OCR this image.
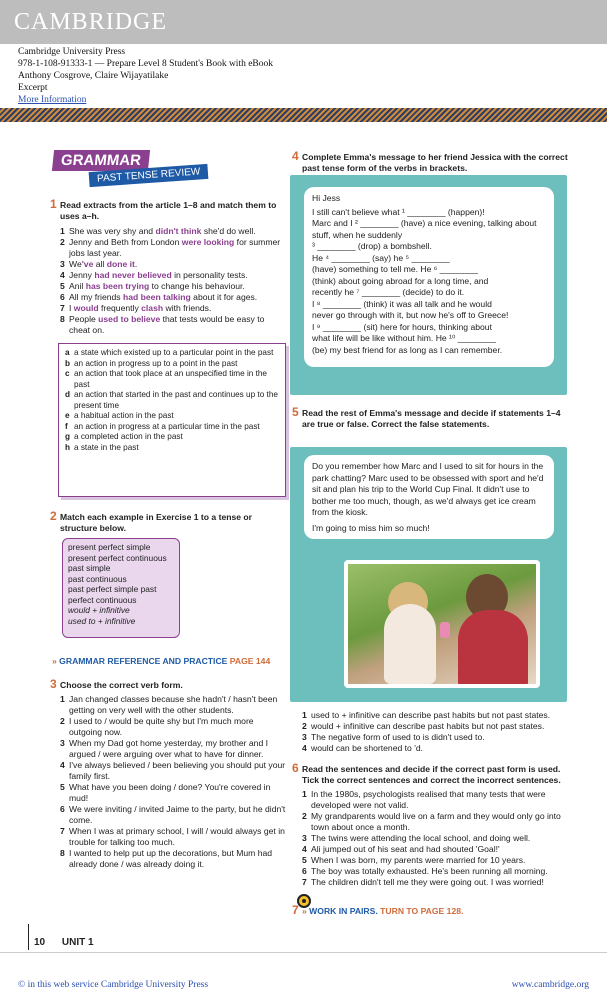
CAMBRIDGE
Cambridge University Press
978-1-108-91333-1 — Prepare Level 8 Student's Book with eBook
Anthony Cosgrove, Claire Wijayatilake
Excerpt
More Information
GRAMMAR
PAST TENSE REVIEW
1 Read extracts from the article 1–8 and match them to uses a–h.
1 She was very shy and didn't think she'd do well.
2 Jenny and Beth from London were looking for summer jobs last year.
3 We've all done it.
4 Jenny had never believed in personality tests.
5 Anil has been trying to change his behaviour.
6 All my friends had been talking about it for ages.
7 I would frequently clash with friends.
8 People used to believe that tests would be easy to cheat on.
a a state which existed up to a particular point in the past
b an action in progress up to a point in the past
c an action that took place at an unspecified time in the past
d an action that started in the past and continues up to the present time
e a habitual action in the past
f an action in progress at a particular time in the past
g a completed action in the past
h a state in the past
2 Match each example in Exercise 1 to a tense or structure below.
present perfect simple
present perfect continuous
past simple
past continuous
past perfect simple past
perfect continuous
would + infinitive
used to + infinitive
» GRAMMAR REFERENCE AND PRACTICE PAGE 144
3 Choose the correct verb form.
1 Jan changed classes because she hadn't / hasn't been getting on very well with the other students.
2 I used to / would be quite shy but I'm much more outgoing now.
3 When my Dad got home yesterday, my brother and I argued / were arguing over what to have for dinner.
4 I've always believed / been believing you should put your family first.
5 What have you been doing / done? You're covered in mud!
6 We were inviting / invited Jaime to the party, but he didn't come.
7 When I was at primary school, I will / would always get in trouble for talking too much.
8 I wanted to help put up the decorations, but Mum had already done / was already doing it.
4 Complete Emma's message to her friend Jessica with the correct past tense form of the verbs in brackets.
Hi Jess
I still can't believe what ¹ ________ (happen)!
Marc and I ² ________ (have) a nice evening, talking about stuff, when he suddenly
³ ________ (drop) a bombshell.
He ⁴ ________ (say) he ⁵ ________
(have) something to tell me. He ⁶ ________
(think) about going abroad for a long time, and
recently he ⁷ ________ (decide) to do it.
I ⁸ ________ (think) it was all talk and he would
never go through with it, but now he's off to Greece!
I ⁹ ________ (sit) here for hours, thinking about
what life will be like without him. He ¹⁰ ________
(be) my best friend for as long as I can remember.
5 Read the rest of Emma's message and decide if statements 1–4 are true or false. Correct the false statements.
Do you remember how Marc and I used to sit for hours in the park chatting? Marc used to be obsessed with sport and he'd sit and plan his trip to the World Cup Final. It didn't use to bother me too much, though, as we'd always get ice cream from the kiosk.
I'm going to miss him so much!
1 used to + infinitive can describe past habits but not past states.
2 would + infinitive can describe past habits but not past states.
3 The negative form of used to is didn't used to.
4 would can be shortened to 'd.
6 Read the sentences and decide if the correct past form is used. Tick the correct sentences and correct the incorrect sentences.
1 In the 1980s, psychologists realised that many tests that were developed were not valid.
2 My grandparents would live on a farm and they would only go into town about once a month.
3 The twins were attending the local school, and doing well.
4 Ali jumped out of his seat and had shouted 'Goal!'
5 When I was born, my parents were married for 10 years.
6 The boy was totally exhausted. He's been running all morning.
7 The children didn't tell me they were going out. I was worried!
7 » WORK IN PAIRS. TURN TO PAGE 128.
10 UNIT 1
© in this web service Cambridge University Press	www.cambridge.org
